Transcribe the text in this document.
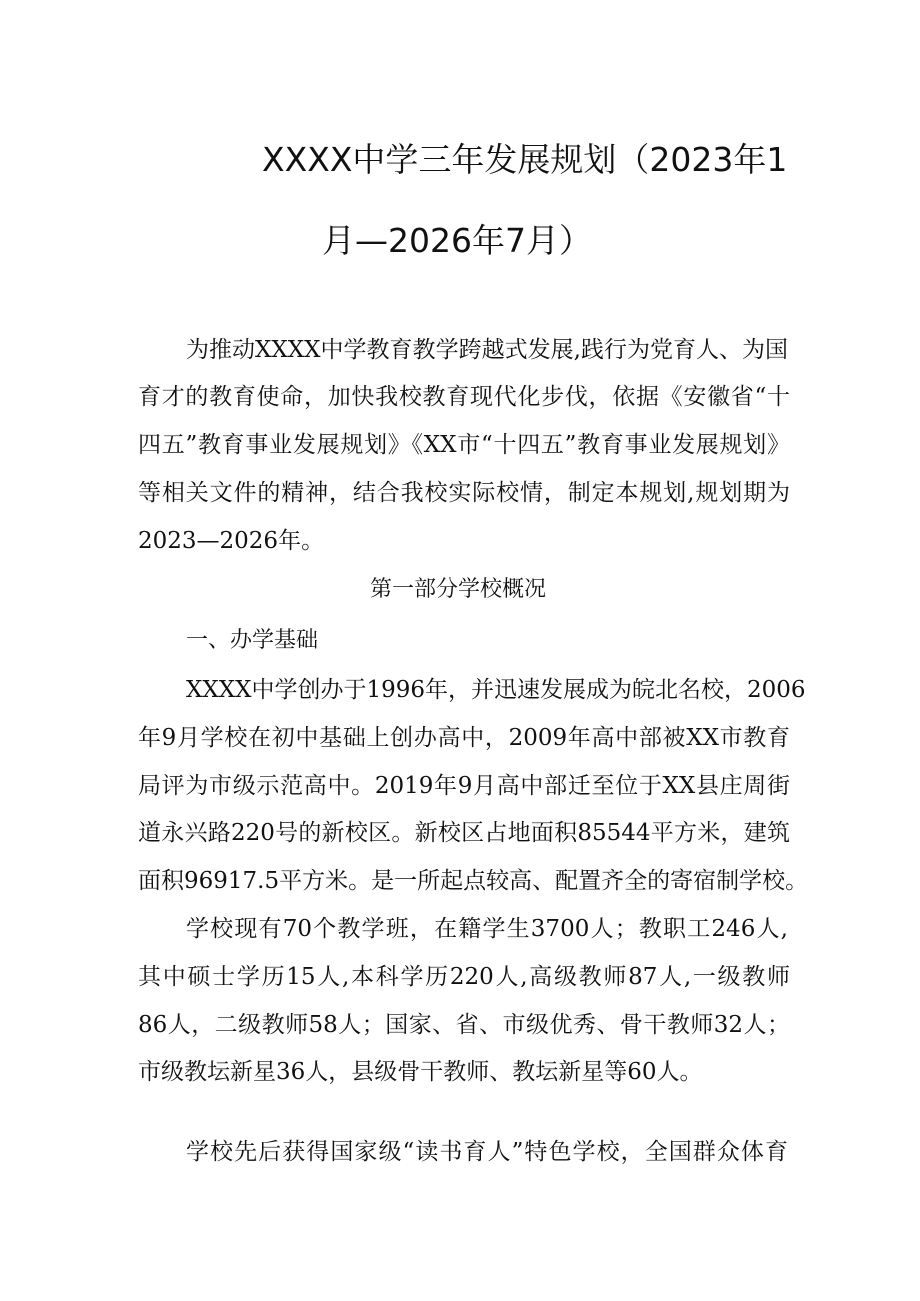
XXXX中学三年发展规划（2023年1
月—2026年7月）
为推动XXXX中学教育教学跨越式发展,践行为党育人、为国
育才的教育使命，加快我校教育现代化步伐，依据《安徽省“十
四五”教育事业发展规划》《XX市“十四五”教育事业发展规划》
等相关文件的精神，结合我校实际校情，制定本规划,规划期为
2023—2026年。
第一部分学校概况
一、办学基础
XXXX中学创办于1996年，并迅速发展成为皖北名校，2006
年9月学校在初中基础上创办高中，2009年高中部被XX市教育
局评为市级示范高中。2019年9月高中部迁至位于XX县庄周街
道永兴路220号的新校区。新校区占地面积85544平方米，建筑
面积96917.5平方米。是一所起点较高、配置齐全的寄宿制学校。
学校现有70个教学班，在籍学生3700人；教职工246人,
其中硕士学历15人,本科学历220人,高级教师87人,一级教师
86人，二级教师58人；国家、省、市级优秀、骨干教师32人；
市级教坛新星36人，县级骨干教师、教坛新星等60人。
学校先后获得国家级“读书育人”特色学校，全国群众体育
